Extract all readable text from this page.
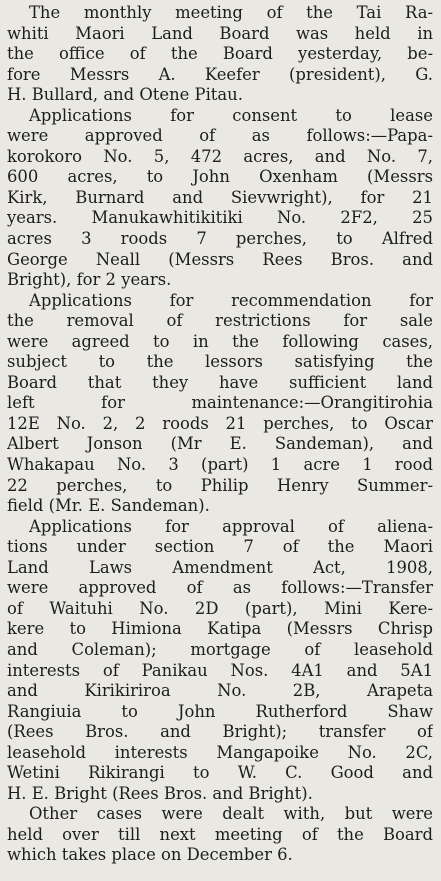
The monthly meeting of the Tai Ra-
whiti Maori Land Board was held in
the office of the Board yesterday, be-
fore Messrs A. Keefer (president), G.
H. Bullard, and Otene Pitau.
Applications for consent to lease
were approved of as follows:—Papa-
korokoro No. 5, 472 acres, and No. 7,
600 acres, to John Oxenham (Messrs
Kirk, Burnard and Sievwright), for 21
years. Manukawhitikitiki No. 2F2, 25
acres 3 roods 7 perches, to Alfred
George Neall (Messrs Rees Bros. and
Bright), for 2 years.
Applications for recommendation for
the removal of restrictions for sale
were agreed to in the following cases,
subject to the lessors satisfying the
Board that they have sufficient land
left for maintenance:—Orangitirohia
12E No. 2, 2 roods 21 perches, to Oscar
Albert Jonson (Mr E. Sandeman), and
Whakapau No. 3 (part) 1 acre 1 rood
22 perches, to Philip Henry Summer-
field (Mr. E. Sandeman).
Applications for approval of aliena-
tions under section 7 of the Maori
Land Laws Amendment Act, 1908,
were approved of as follows:—Transfer
of Waituhi No. 2D (part), Mini Kere-
kere to Himiona Katipa (Messrs Chrisp
and Coleman); mortgage of leasehold
interests of Panikau Nos. 4A1 and 5A1
and Kirikiriroa No. 2B, Arapeta
Rangiuia to John Rutherford Shaw
(Rees Bros. and Bright); transfer of
leasehold interests Mangapoike No. 2C,
Wetini Rikirangi to W. C. Good and
H. E. Bright (Rees Bros. and Bright).
Other cases were dealt with, but were
held over till next meeting of the Board
which takes place on December 6.
